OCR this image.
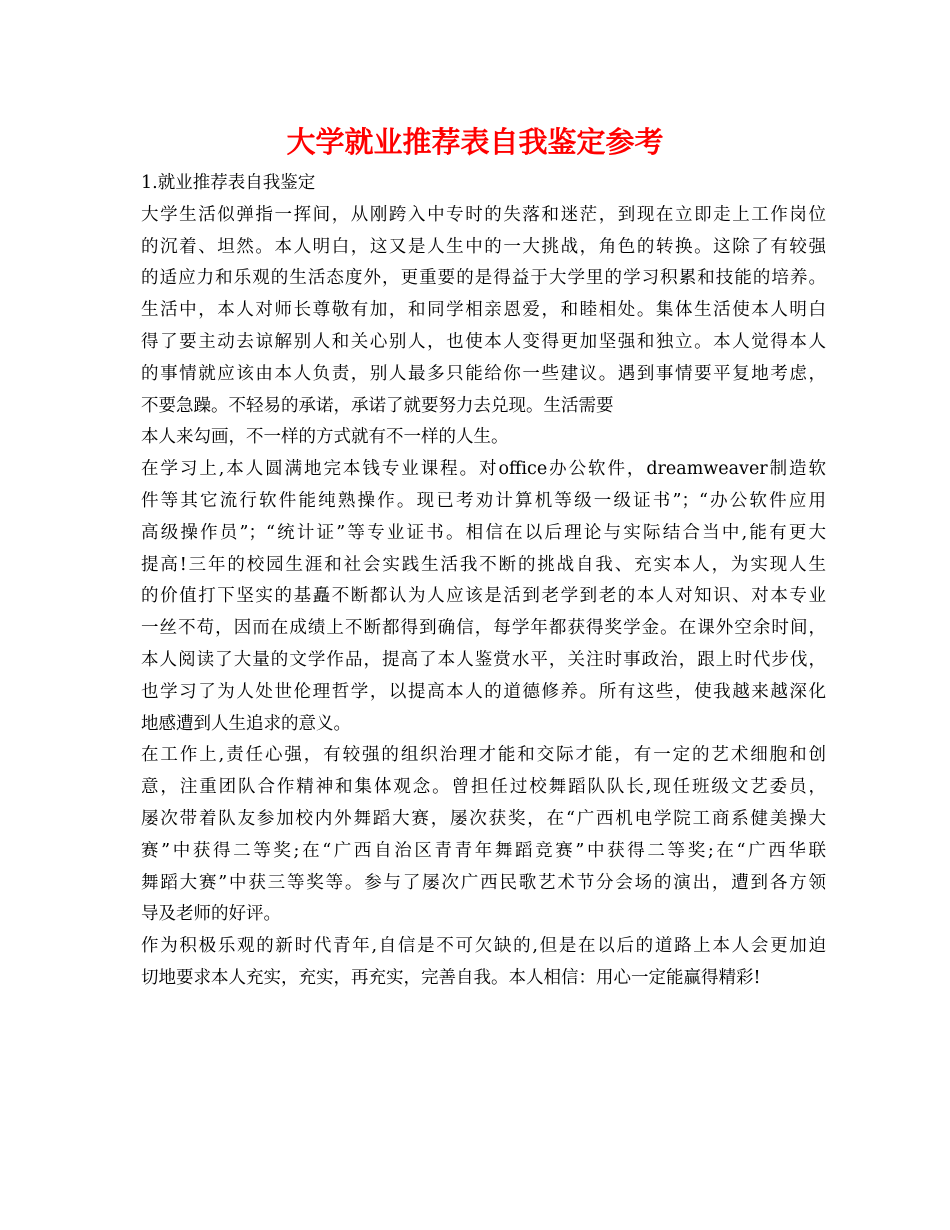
大学就业推荐表自我鉴定参考
1.就业推荐表自我鉴定
大学生活似弹指一挥间，从刚跨入中专时的失落和迷茫，到现在立即走上工作岗位
的沉着、坦然。本人明白，这又是人生中的一大挑战，角色的转换。这除了有较强
的适应力和乐观的生活态度外，更重要的是得益于大学里的学习积累和技能的培养。
生活中，本人对师长尊敬有加，和同学相亲恩爱，和睦相处。集体生活使本人明白
得了要主动去谅解别人和关心别人，也使本人变得更加坚强和独立。本人觉得本人
的事情就应该由本人负责，别人最多只能给你一些建议。遇到事情要平复地考虑，
不要急躁。不轻易的承诺，承诺了就要努力去兑现。生活需要
本人来勾画，不一样的方式就有不一样的人生。
在学习上,本人圆满地完本钱专业课程。对office办公软件，dreamweaver制造软
件等其它流行软件能纯熟操作。现已考劝计算机等级一级证书”；“办公软件应用
高级操作员”；“统计证”等专业证书。相信在以后理论与实际结合当中,能有更大
提高!三年的校园生涯和社会实践生活我不断的挑战自我、充实本人，为实现人生
的价值打下坚实的基矗不断都认为人应该是活到老学到老的本人对知识、对本专业
一丝不苟，因而在成绩上不断都得到确信，每学年都获得奖学金。在课外空余时间，
本人阅读了大量的文学作品，提高了本人鉴赏水平，关注时事政治，跟上时代步伐，
也学习了为人处世伦理哲学，以提高本人的道德修养。所有这些，使我越来越深化
地感遭到人生追求的意义。
在工作上,责任心强，有较强的组织治理才能和交际才能，有一定的艺术细胞和创
意，注重团队合作精神和集体观念。曾担任过校舞蹈队队长,现任班级文艺委员，
屡次带着队友参加校内外舞蹈大赛，屡次获奖，在“广西机电学院工商系健美操大
赛”中获得二等奖;在“广西自治区青青年舞蹈竞赛”中获得二等奖;在“广西华联
舞蹈大赛”中获三等奖等。参与了屡次广西民歌艺术节分会场的演出，遭到各方领
导及老师的好评。
作为积极乐观的新时代青年,自信是不可欠缺的,但是在以后的道路上本人会更加迫
切地要求本人充实，充实，再充实，完善自我。本人相信：用心一定能赢得精彩!
